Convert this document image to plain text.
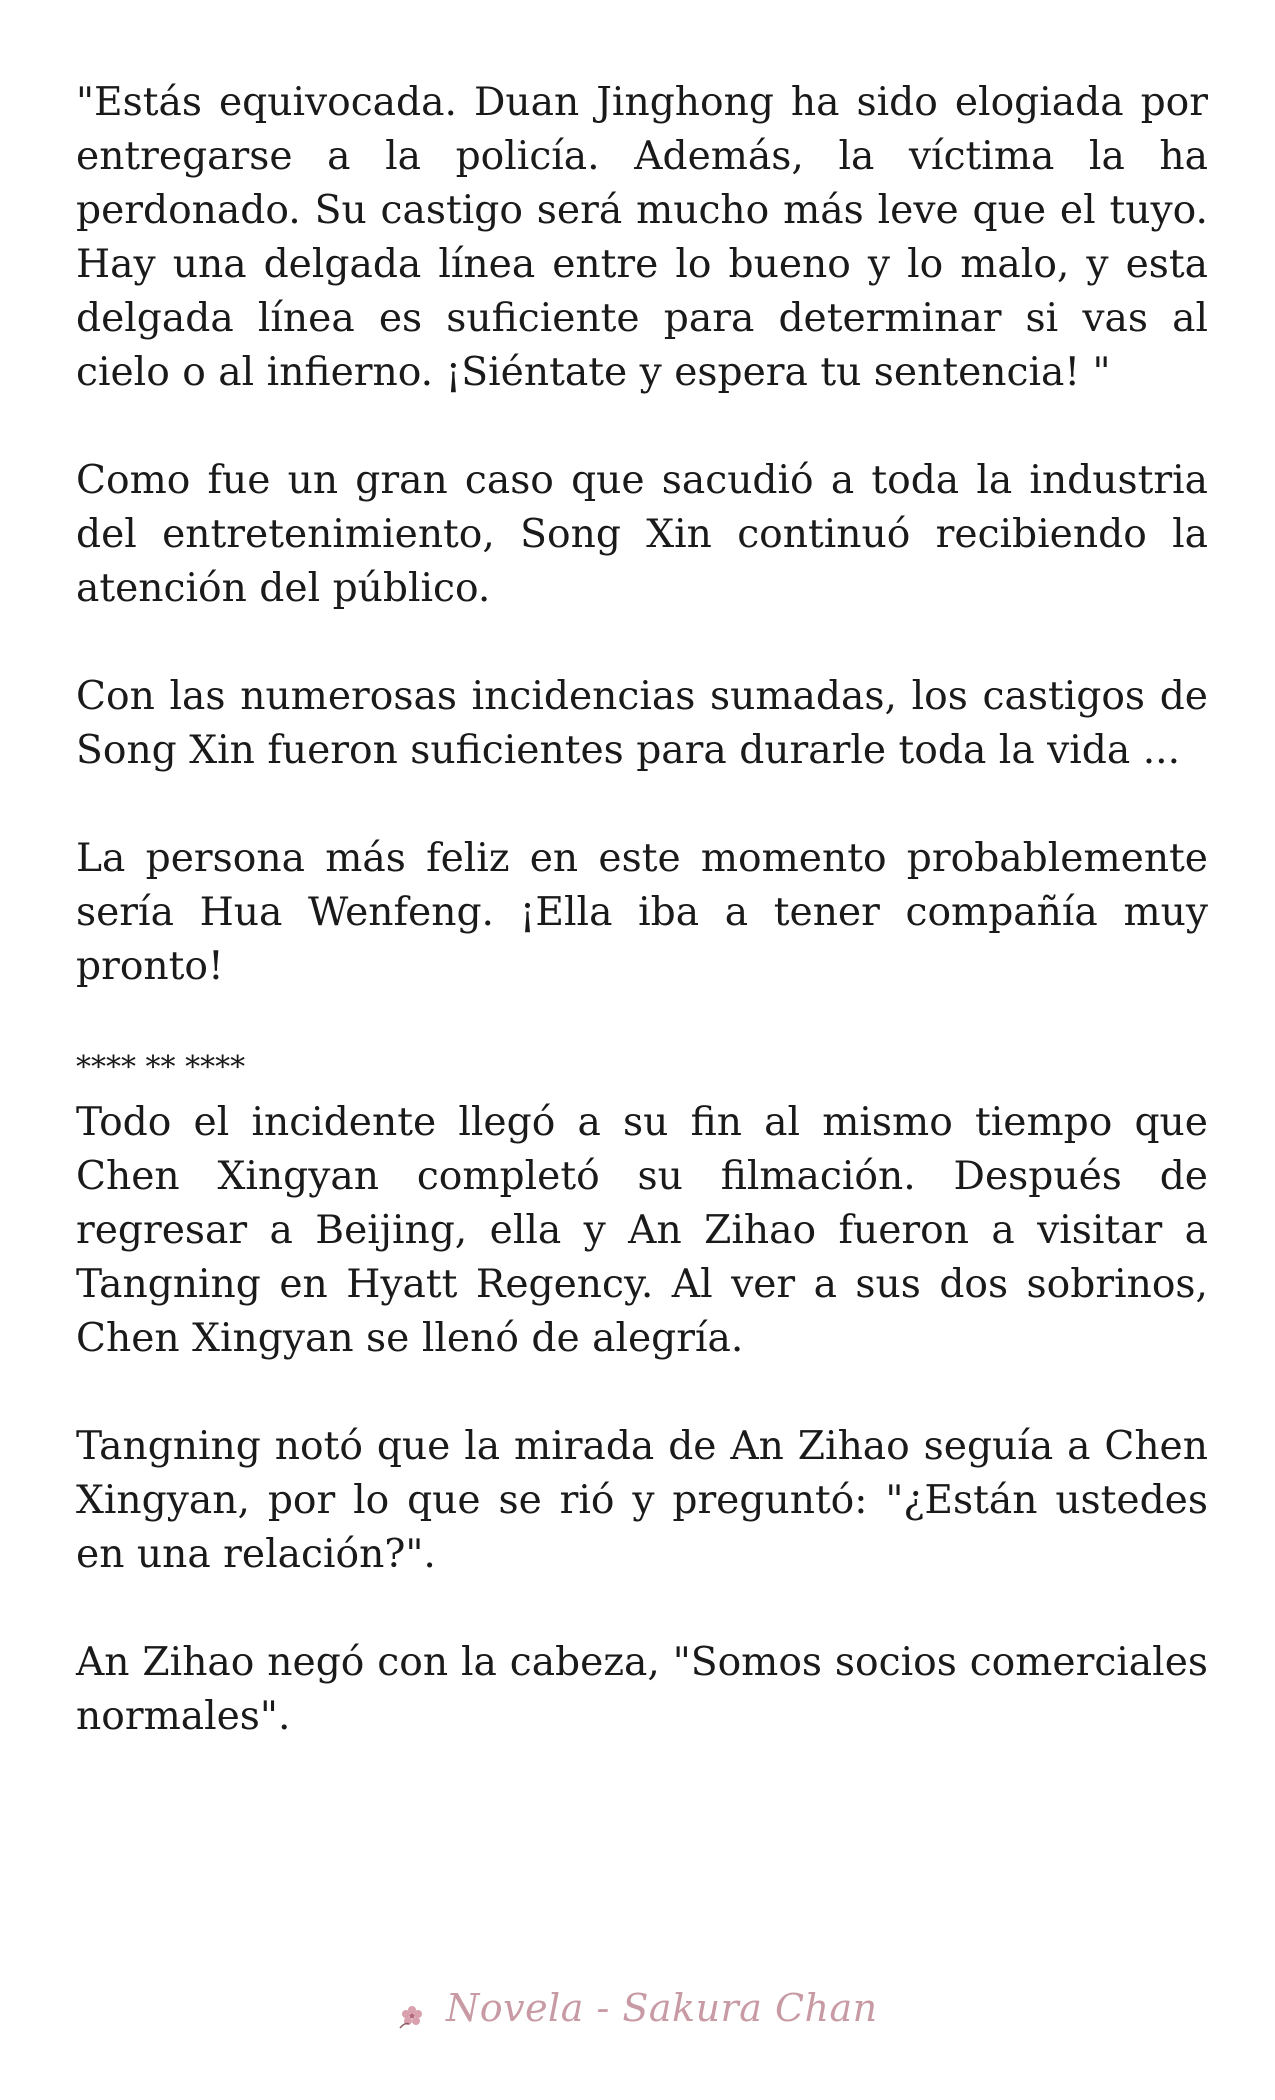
"Estás equivocada. Duan Jinghong ha sido elogiada por entregarse a la policía. Además, la víctima la ha perdonado. Su castigo será mucho más leve que el tuyo. Hay una delgada línea entre lo bueno y lo malo, y esta delgada línea es suficiente para determinar si vas al cielo o al infierno. ¡Siéntate y espera tu sentencia! "

Como fue un gran caso que sacudió a toda la industria del entretenimiento, Song Xin continuó recibiendo la atención del público.

Con las numerosas incidencias sumadas, los castigos de Song Xin fueron suficientes para durarle toda la vida ...

La persona más feliz en este momento probablemente sería Hua Wenfeng. ¡Ella iba a tener compañía muy pronto!

**** ** ****

Todo el incidente llegó a su fin al mismo tiempo que Chen Xingyan completó su filmación. Después de regresar a Beijing, ella y An Zihao fueron a visitar a Tangning en Hyatt Regency. Al ver a sus dos sobrinos, Chen Xingyan se llenó de alegría.

Tangning notó que la mirada de An Zihao seguía a Chen Xingyan, por lo que se rió y preguntó: "¿Están ustedes en una relación?".

An Zihao negó con la cabeza, "Somos socios comerciales normales".

Novela - Sakura Chan
